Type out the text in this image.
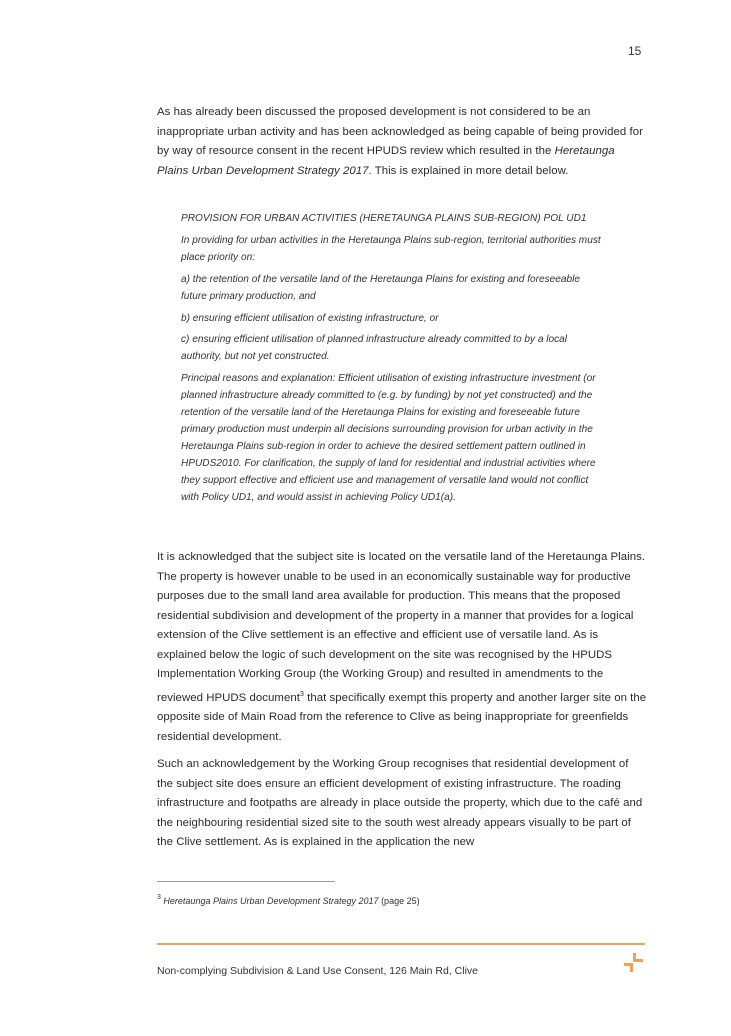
15

As has already been discussed the proposed development is not considered to be an inappropriate urban activity and has been acknowledged as being capable of being provided for by way of resource consent in the recent HPUDS review which resulted in the Heretaunga Plains Urban Development Strategy 2017. This is explained in more detail below.

PROVISION FOR URBAN ACTIVITIES (HERETAUNGA PLAINS SUB-REGION) POL UD1

In providing for urban activities in the Heretaunga Plains sub-region, territorial authorities must place priority on:

a) the retention of the versatile land of the Heretaunga Plains for existing and foreseeable future primary production, and

b) ensuring efficient utilisation of existing infrastructure, or

c) ensuring efficient utilisation of planned infrastructure already committed to by a local authority, but not yet constructed.

Principal reasons and explanation: Efficient utilisation of existing infrastructure investment (or planned infrastructure already committed to (e.g. by funding) by not yet constructed) and the retention of the versatile land of the Heretaunga Plains for existing and foreseeable future primary production must underpin all decisions surrounding provision for urban activity in the Heretaunga Plains sub-region in order to achieve the desired settlement pattern outlined in HPUDS2010. For clarification, the supply of land for residential and industrial activities where they support effective and efficient use and management of versatile land would not conflict with Policy UD1, and would assist in achieving Policy UD1(a).

It is acknowledged that the subject site is located on the versatile land of the Heretaunga Plains. The property is however unable to be used in an economically sustainable way for productive purposes due to the small land area available for production. This means that the proposed residential subdivision and development of the property in a manner that provides for a logical extension of the Clive settlement is an effective and efficient use of versatile land. As is explained below the logic of such development on the site was recognised by the HPUDS Implementation Working Group (the Working Group) and resulted in amendments to the reviewed HPUDS document$^3$ that specifically exempt this property and another larger site on the opposite side of Main Road from the reference to Clive as being inappropriate for greenfields residential development.

Such an acknowledgement by the Working Group recognises that residential development of the subject site does ensure an efficient development of existing infrastructure. The roading infrastructure and footpaths are already in place outside the property, which due to the café and the neighbouring residential sized site to the south west already appears visually to be part of the Clive settlement. As is explained in the application the new

$^3$ Heretaunga Plains Urban Development Strategy 2017 (page 25)
Non-complying Subdivision & Land Use Consent, 126 Main Rd, Clive
